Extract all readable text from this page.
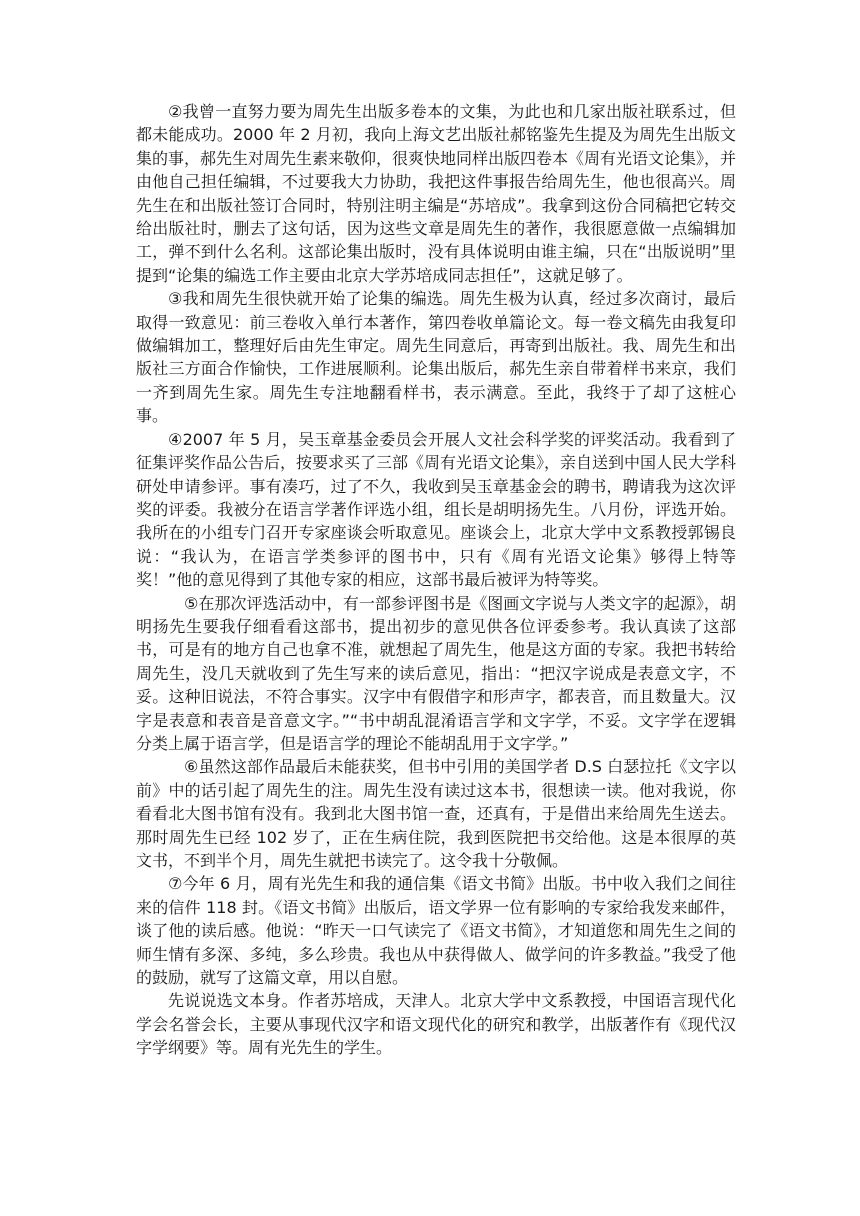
②我曾一直努力要为周先生出版多卷本的文集，为此也和几家出版社联系过，但都未能成功。2000 年 2 月初，我向上海文艺出版社郝铭鉴先生提及为周先生出版文集的事，郝先生对周先生素来敬仰，很爽快地同样出版四卷本《周有光语文论集》，并由他自己担任编辑，不过要我大力协助，我把这件事报告给周先生，他也很高兴。周先生在和出版社签订合同时，特别注明主编是“苏培成”。我拿到这份合同稿把它转交给出版社时，删去了这句话，因为这些文章是周先生的著作，我很愿意做一点编辑加工，弹不到什么名利。这部论集出版时，没有具体说明由谁主编，只在“出版说明”里提到“论集的编选工作主要由北京大学苏培成同志担任”，这就足够了。

③我和周先生很快就开始了论集的编选。周先生极为认真，经过多次商讨，最后取得一致意见：前三卷收入单行本著作，第四卷收单篇论文。每一卷文稿先由我复印做编辑加工，整理好后由先生审定。周先生同意后，再寄到出版社。我、周先生和出版社三方面合作愉快，工作进展顺利。论集出版后，郝先生亲自带着样书来京，我们一齐到周先生家。周先生专注地翻看样书，表示满意。至此，我终于了却了这桩心事。

④2007 年 5 月，吴玉章基金委员会开展人文社会科学奖的评奖活动。我看到了征集评奖作品公告后，按要求买了三部《周有光语文论集》，亲自送到中国人民大学科研处申请参评。事有凑巧，过了不久，我收到吴玉章基金会的聘书，聘请我为这次评奖的评委。我被分在语言学著作评选小组，组长是胡明扬先生。八月份，评选开始。我所在的小组专门召开专家座谈会听取意见。座谈会上，北京大学中文系教授郭锡良说：“我认为，在语言学类参评的图书中，只有《周有光语文论集》够得上特等奖！”他的意见得到了其他专家的相应，这部书最后被评为特等奖。

⑤在那次评选活动中，有一部参评图书是《图画文字说与人类文字的起源》，胡明扬先生要我仔细看看这部书，提出初步的意见供各位评委参考。我认真读了这部书，可是有的地方自己也拿不准，就想起了周先生，他是这方面的专家。我把书转给周先生，没几天就收到了先生写来的读后意见，指出：“把汉字说成是表意文字，不妥。这种旧说法，不符合事实。汉字中有假借字和形声字，都表音，而且数量大。汉字是表意和表音是音意文字。”“书中胡乱混淆语言学和文字学，不妥。文字学在逻辑分类上属于语言学，但是语言学的理论不能胡乱用于文字学。”

⑥虽然这部作品最后未能获奖，但书中引用的美国学者 D.S 白瑟拉托《文字以前》中的话引起了周先生的注。周先生没有读过这本书，很想读一读。他对我说，你看看北大图书馆有没有。我到北大图书馆一查，还真有，于是借出来给周先生送去。那时周先生已经 102 岁了，正在生病住院，我到医院把书交给他。这是本很厚的英文书，不到半个月，周先生就把书读完了。这令我十分敬佩。

⑦今年 6 月，周有光先生和我的通信集《语文书简》出版。书中收入我们之间往来的信件 118 封。《语文书简》出版后，语文学界一位有影响的专家给我发来邮件，谈了他的读后感。他说：“昨天一口气读完了《语文书简》，才知道您和周先生之间的师生情有多深、多纯，多么珍贵。我也从中获得做人、做学问的许多教益。”我受了他的鼓励，就写了这篇文章，用以自慰。

先说说选文本身。作者苏培成，天津人。北京大学中文系教授，中国语言现代化学会名誉会长，主要从事现代汉字和语文现代化的研究和教学，出版著作有《现代汉字学纲要》等。周有光先生的学生。
